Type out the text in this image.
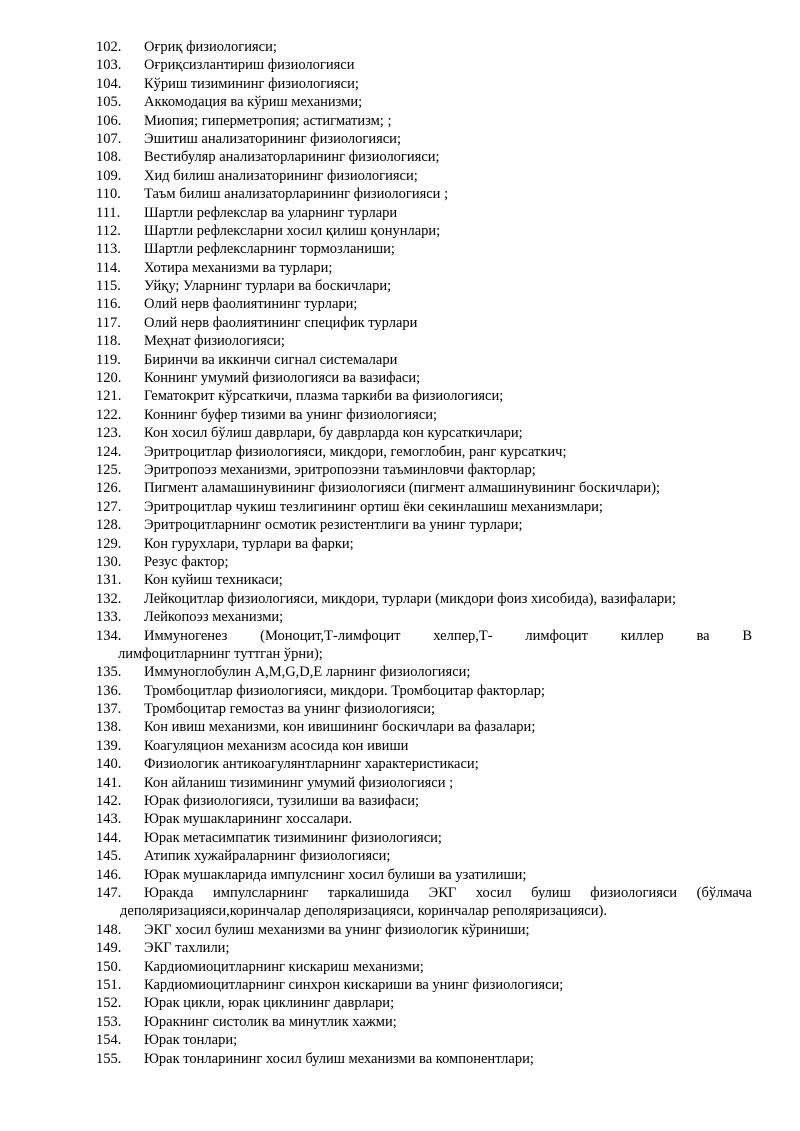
102.	Оғриқ физиологияси;
103.	Оғриқсизлантириш физиологияси
104.	Кўриш тизимининг физиологияси;
105.	Аккомодация ва кўриш механизми;
106.	Миопия; гиперметропия; астигматизм; ;
107.	Эшитиш анализаторининг физиологияси;
108.	Вестибуляр анализаторларининг физиологияси;
109.	Хид билиш анализаторининг физиологияси;
110.	Таъм билиш анализаторларининг физиологияси ;
111.	Шартли рефлекслар ва уларнинг турлари
112.	Шартли рефлексларни хосил қилиш қонунлари;
113.	Шартли рефлексларнинг тормозланиши;
114.	Хотира механизми ва турлари;
115.	Уйқу; Уларнинг турлари ва боскичлари;
116.	Олий нерв фаолиятининг турлари;
117.	Олий нерв фаолиятининг специфик турлари
118.	Меҳнат физиологияси;
119.	Биринчи ва иккинчи сигнал системалари
120.	Коннинг умумий физиологияси ва вазифаси;
121.	Гематокрит кўрсаткичи, плазма таркиби ва физиологияси;
122.	Коннинг буфер тизими ва унинг физиологияси;
123.	Кон хосил бўлиш даврлари, бу даврларда кон курсаткичлари;
124.	Эритроцитлар физиологияси, микдори, гемоглобин, ранг курсаткич;
125.	Эритропоэз механизми, эритропоэзни таъминловчи факторлар;
126.	Пигмент аламашинувининг физиологияси (пигмент алмашинувининг боскичлари);
127.	Эритроцитлар чукиш тезлигининг ортиш ёки секинлашиш механизмлари;
128.	Эритроцитларнинг осмотик резистентлиги ва унинг турлари;
129.	Кон гурухлари, турлари ва фарки;
130.	Резус фактор;
131.	Кон куйиш техникаси;
132.	Лейкоцитлар физиологияси, микдори, турлари (микдори фоиз хисобида), вазифалари;
133.	Лейкопоэз механизми;
134.	Иммуногенез (Моноцит,Т-лимфоцит хелпер,Т- лимфоцит киллер ва В
лимфоцитларнинг туттган ўрни);
135.	Иммуноглобулин A,M,G,D,E ларнинг физиологияси;
136.	Тромбоцитлар физиологияси, микдори. Тромбоцитар факторлар;
137.	Тромбоцитар гемостаз ва унинг физиологияси;
138.	Кон ивиш механизми, кон ивишининг боскичлари ва фазалари;
139.	Коагуляцион механизм асосида кон ивиши
140.	Физиологик антикоагулянтларнинг характеристикаси;
141.	Кон айланиш тизимининг умумий физиологияси ;
142.	Юрак физиологияси, тузилиши ва вазифаси;
143.	Юрак мушакларининг хоссалари.
144.	Юрак метасимпатик тизимининг физиологияси;
145.	Атипик хужайраларнинг физиологияси;
146.	Юрак мушакларида импулснинг хосил булиши ва узатилиши;
147.	Юракда импулсларнинг таркалишида ЭКГ хосил булиш физиологияси (бўлмача
деполяризацияси,коринчалар деполяризацияси, коринчалар реполяризацияси).
148.	ЭКГ хосил булиш механизми ва унинг физиологик кўриниши;
149.	ЭКГ тахлили;
150.	Кардиомиоцитларнинг кискариш механизми;
151.	Кардиомиоцитларнинг синхрон кискариши ва унинг физиологияси;
152.	Юрак цикли, юрак циклининг даврлари;
153.	Юракнинг систолик ва минутлик хажми;
154.	Юрак тонлари;
155.	Юрак тонларининг хосил булиш механизми ва компонентлари;
